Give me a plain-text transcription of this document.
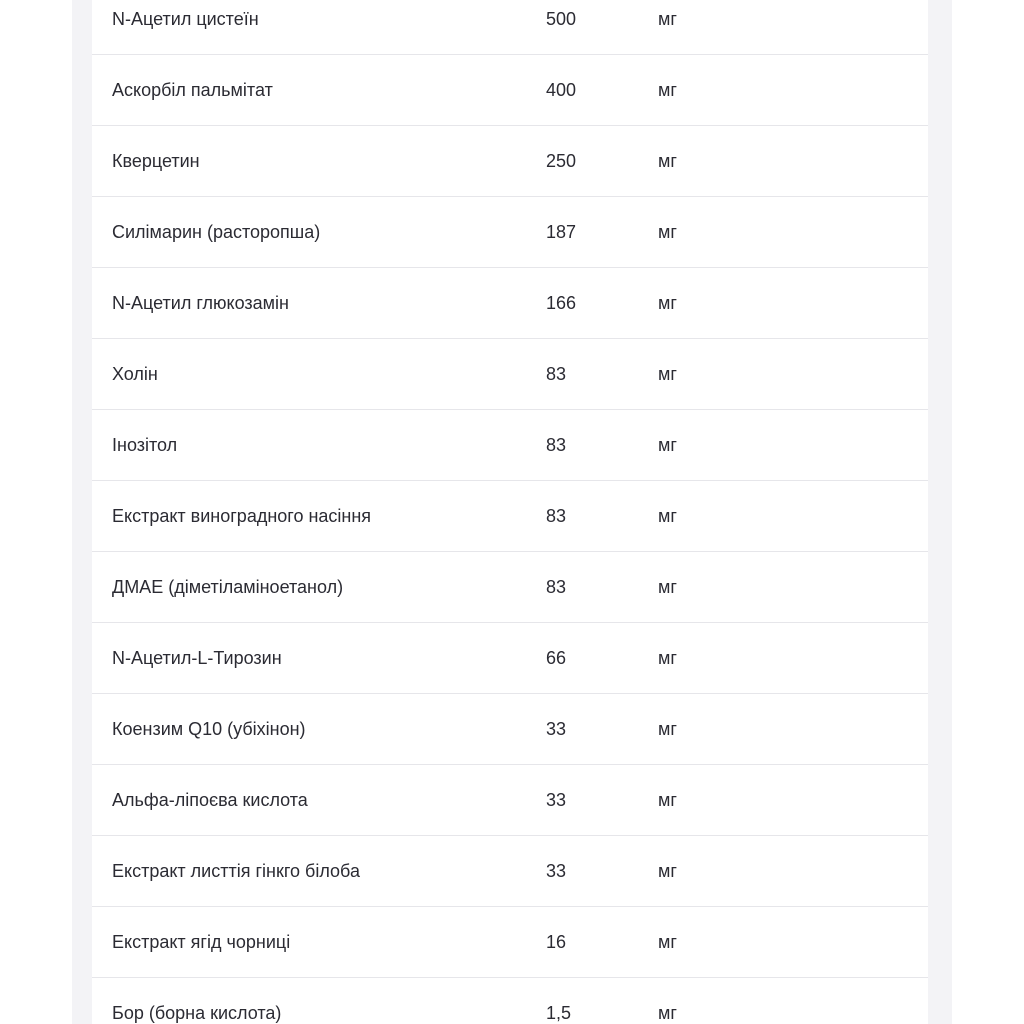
N-Ацетил цистеїн	500	мг
Аскорбіл пальмітат	400	мг
Кверцетин	250	мг
Силімарин (расторопша)	187	мг
N-Ацетил глюкозамін	166	мг
Холін	83	мг
Інозітол	83	мг
Екстракт виноградного насіння	83	мг
ДМАЕ (діметіламіноетанол)	83	мг
N-Ацетил-L-Тирозин	66	мг
Коензим Q10 (убіхінон)	33	мг
Альфа-ліпоєва кислота	33	мг
Екстракт листтія гінкго білоба	33	мг
Екстракт ягід чорниці	16	мг
Бор (борна кислота)	1,5	мг
